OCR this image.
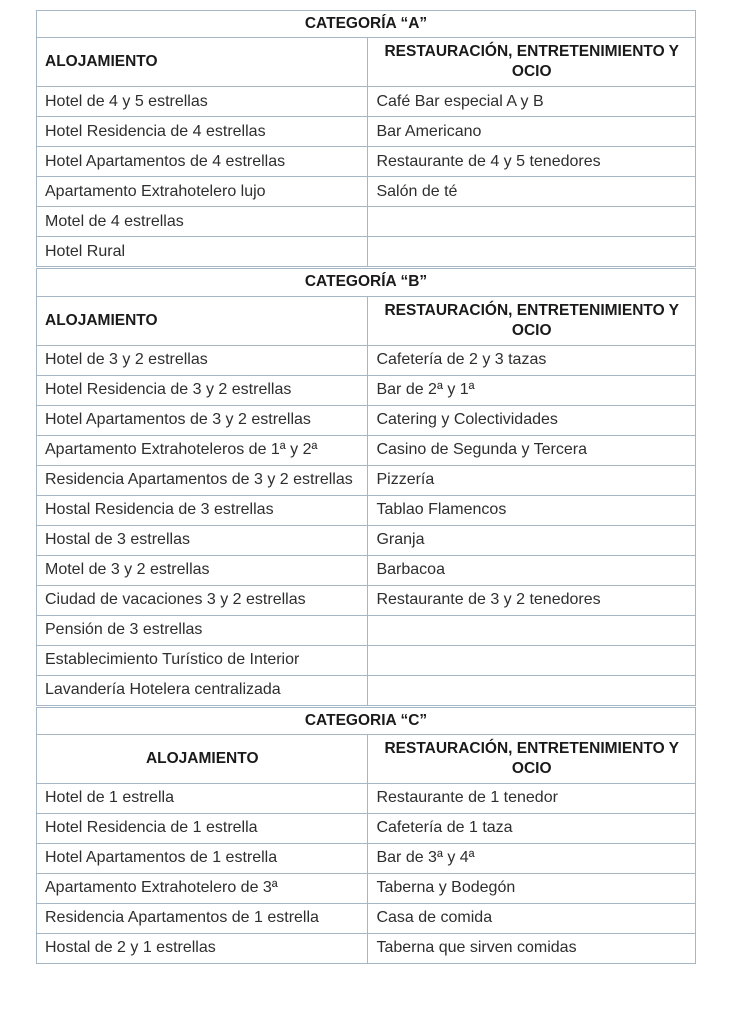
CATEGORÍA “A”	
ALOJAMIENTO	RESTAURACIÓN, ENTRETENIMIENTO Y OCIO
Hotel de 4 y 5 estrellas	Café Bar especial A y B
Hotel Residencia de 4 estrellas	Bar Americano
Hotel Apartamentos de 4 estrellas	Restaurante de 4 y 5 tenedores
Apartamento Extrahotelero lujo	Salón de té
Motel de 4 estrellas	
Hotel Rural	
CATEGORÍA “B”	
ALOJAMIENTO	RESTAURACIÓN, ENTRETENIMIENTO Y OCIO
Hotel de 3 y 2 estrellas	Cafetería de 2 y 3 tazas
Hotel Residencia de 3 y 2 estrellas	Bar de 2ª y 1ª
Hotel Apartamentos de 3 y 2 estrellas	Catering y Colectividades
Apartamento Extrahoteleros de 1ª y 2ª	Casino de Segunda y Tercera
Residencia Apartamentos de 3 y 2 estrellas	Pizzería
Hostal Residencia de 3 estrellas	Tablao Flamencos
Hostal de 3 estrellas	Granja
Motel de 3 y 2 estrellas	Barbacoa
Ciudad de vacaciones 3 y 2 estrellas	Restaurante de 3 y 2 tenedores
Pensión de 3 estrellas	
Establecimiento Turístico de Interior	
Lavandería Hotelera centralizada	
CATEGORIA “C”	
ALOJAMIENTO	RESTAURACIÓN, ENTRETENIMIENTO Y OCIO
Hotel de 1 estrella	Restaurante de 1 tenedor
Hotel Residencia de 1 estrella	Cafetería de 1 taza
Hotel Apartamentos de 1 estrella	Bar de 3ª y 4ª
Apartamento Extrahotelero de 3ª	Taberna y Bodegón
Residencia Apartamentos de 1 estrella	Casa de comida
Hostal de 2 y 1 estrellas	Taberna que sirven comidas
